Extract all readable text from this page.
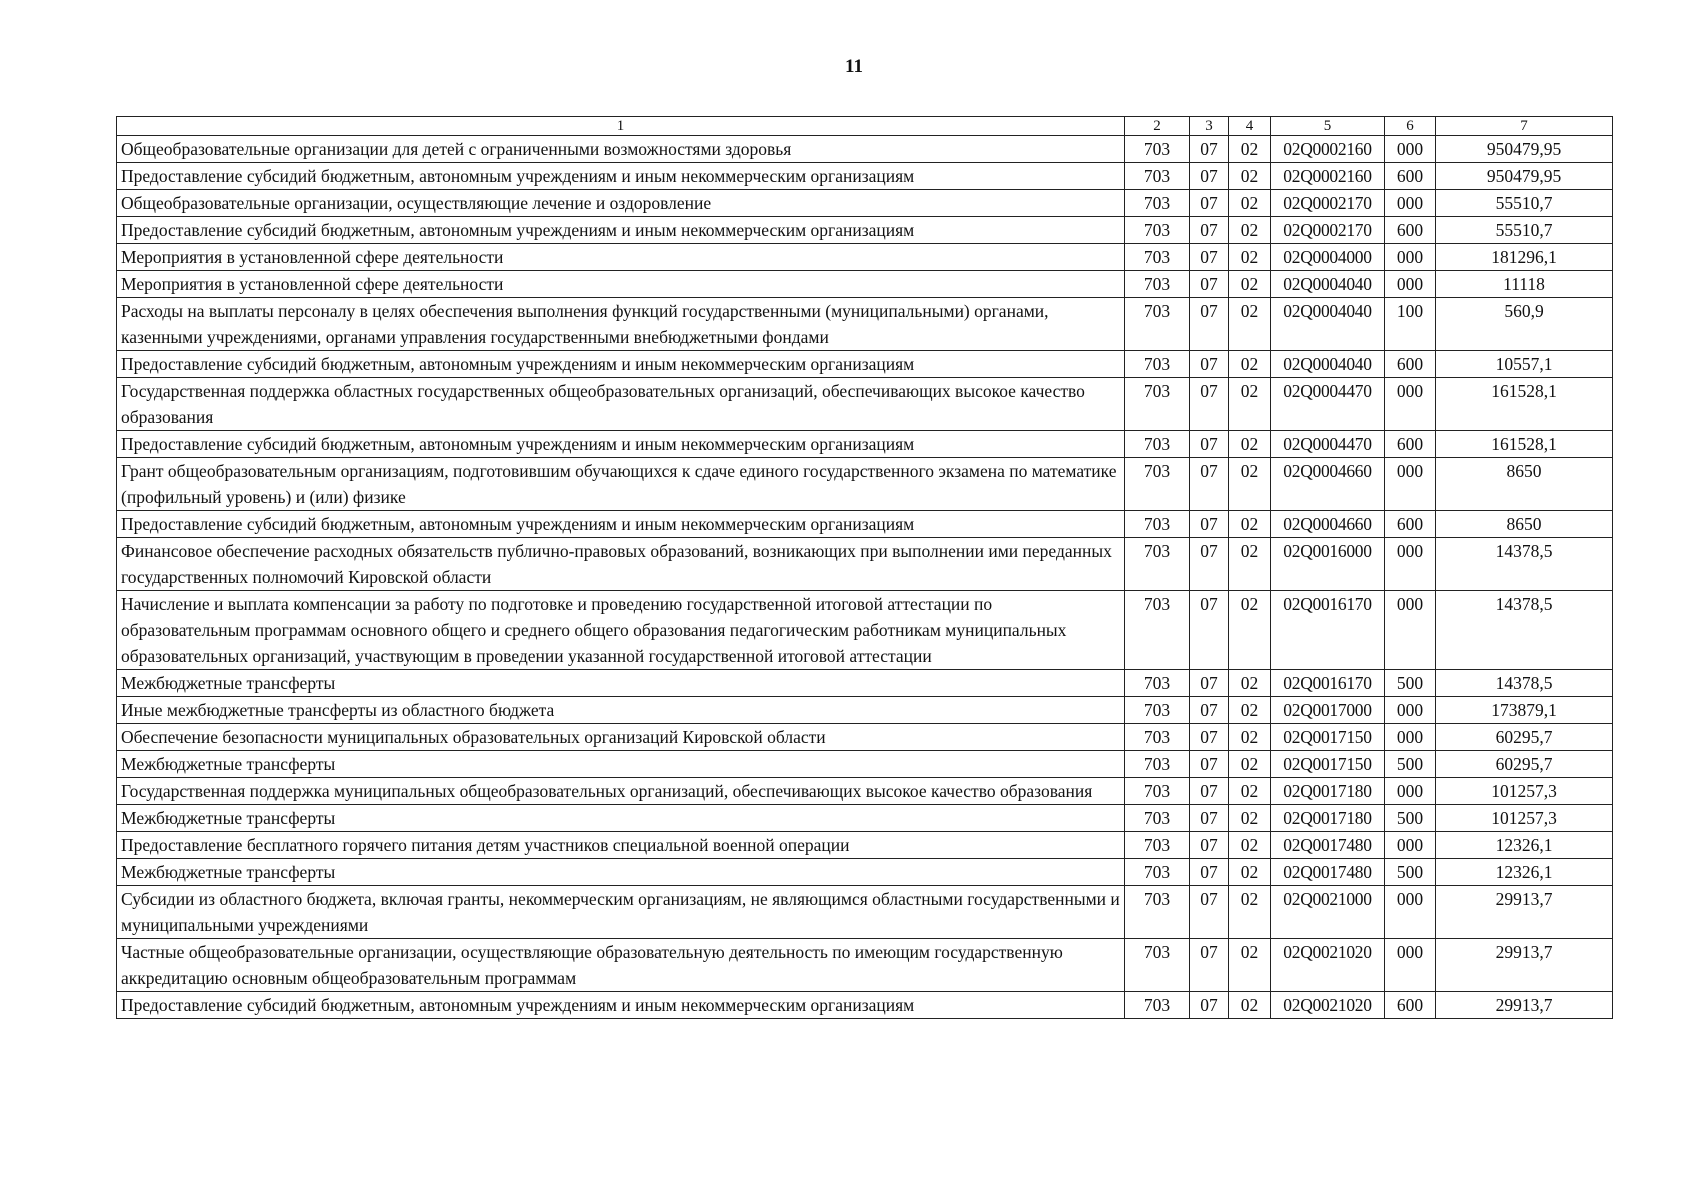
11
1	2	3	4	5	6	7
Общеобразовательные организации для детей с ограниченными возможностями здоровья	703	07	02	02Q0002160	000	950479,95
Предоставление субсидий бюджетным, автономным учреждениям и иным некоммерческим организациям	703	07	02	02Q0002160	600	950479,95
Общеобразовательные организации, осуществляющие лечение и оздоровление	703	07	02	02Q0002170	000	55510,7
Предоставление субсидий бюджетным, автономным учреждениям и иным некоммерческим организациям	703	07	02	02Q0002170	600	55510,7
Мероприятия в установленной сфере деятельности	703	07	02	02Q0004000	000	181296,1
Мероприятия в установленной сфере деятельности	703	07	02	02Q0004040	000	11118
Расходы на выплаты персоналу в целях обеспечения выполнения функций государственными (муниципальными) органами, казенными учреждениями, органами управления государственными внебюджетными фондами	703	07	02	02Q0004040	100	560,9
Предоставление субсидий бюджетным, автономным учреждениям и иным некоммерческим организациям	703	07	02	02Q0004040	600	10557,1
Государственная поддержка областных государственных общеобразовательных организаций, обеспечивающих высокое качество образования	703	07	02	02Q0004470	000	161528,1
Предоставление субсидий бюджетным, автономным учреждениям и иным некоммерческим организациям	703	07	02	02Q0004470	600	161528,1
Грант общеобразовательным организациям, подготовившим обучающихся к сдаче единого государственного экзамена по математике (профильный уровень) и (или) физике	703	07	02	02Q0004660	000	8650
Предоставление субсидий бюджетным, автономным учреждениям и иным некоммерческим организациям	703	07	02	02Q0004660	600	8650
Финансовое обеспечение расходных обязательств публично-правовых образований, возникающих при выполнении ими переданных государственных полномочий Кировской области	703	07	02	02Q0016000	000	14378,5
Начисление и выплата компенсации за работу по подготовке и проведению государственной итоговой аттестации по образовательным программам основного общего и среднего общего образования педагогическим работникам муниципальных образовательных организаций, участвующим в проведении указанной государственной итоговой аттестации	703	07	02	02Q0016170	000	14378,5
Межбюджетные трансферты	703	07	02	02Q0016170	500	14378,5
Иные межбюджетные трансферты из областного бюджета	703	07	02	02Q0017000	000	173879,1
Обеспечение безопасности муниципальных образовательных организаций Кировской области	703	07	02	02Q0017150	000	60295,7
Межбюджетные трансферты	703	07	02	02Q0017150	500	60295,7
Государственная поддержка муниципальных общеобразовательных организаций, обеспечивающих высокое качество образования	703	07	02	02Q0017180	000	101257,3
Межбюджетные трансферты	703	07	02	02Q0017180	500	101257,3
Предоставление бесплатного горячего питания детям участников специальной военной операции	703	07	02	02Q0017480	000	12326,1
Межбюджетные трансферты	703	07	02	02Q0017480	500	12326,1
Субсидии из областного бюджета, включая гранты, некоммерческим организациям, не являющимся областными государственными и муниципальными учреждениями	703	07	02	02Q0021000	000	29913,7
Частные общеобразовательные организации, осуществляющие образовательную деятельность по имеющим государственную аккредитацию основным общеобразовательным программам	703	07	02	02Q0021020	000	29913,7
Предоставление субсидий бюджетным, автономным учреждениям и иным некоммерческим организациям	703	07	02	02Q0021020	600	29913,7
